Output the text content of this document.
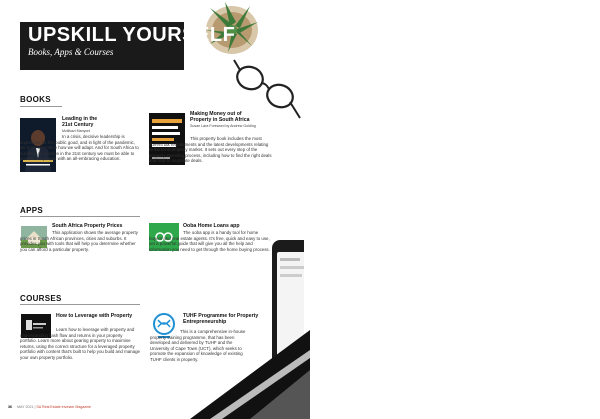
UPSKILL YOURSELF
Books, Apps & Courses
BOOKS
Leading in the 21st Century
Mzilikazi Manyoni
In a crisis, decisive leadership is imperative for the public good, and in light of the pandemic, we must determine how we will adapt. And for South Africa to succeed as a nation in the 21st century we must be able to provide our people with an all-embracing education.
Making Money out of Property in South Africa
Susan Lara Foreword by Andrew Golding
This property book includes the most current tax requirements and the latest developments relating to the local property market. It sets out every step of the property-investing process, including how to find the right deals and how to negotiate deals.
APPS
South Africa Property Prices
This application shows the average property prices in South African provinces, cities and suburbs. It provides you with tools that will help you determine whether you can afford a particular property.
Ooba Home Loans app
The ooba app is a handy tool for home buyers and real estate agents. It's free, quick and easy to use, yet a powerful guide that will give you all the help and information you need to get through the home buying process.
COURSES
How to Leverage with Property
Learn how to leverage with property and understanding cash flow and returns in your property portfolio. Learn more about gearing property to maximise returns, using the correct structure for a leveraged property portfolio with content that's built to help you build and manage your own property portfolio.
TUHF Programme for Property Entrepreneurship
This is a comprehensive in-house property training programme, that has been developed and delivered by TUHF and the University of Cape Town (UCT), which seeks to promote the expansion of knowledge of existing TUHF clients in property.
36 MAY 2021 | SA Real Estate Investor Magazine
